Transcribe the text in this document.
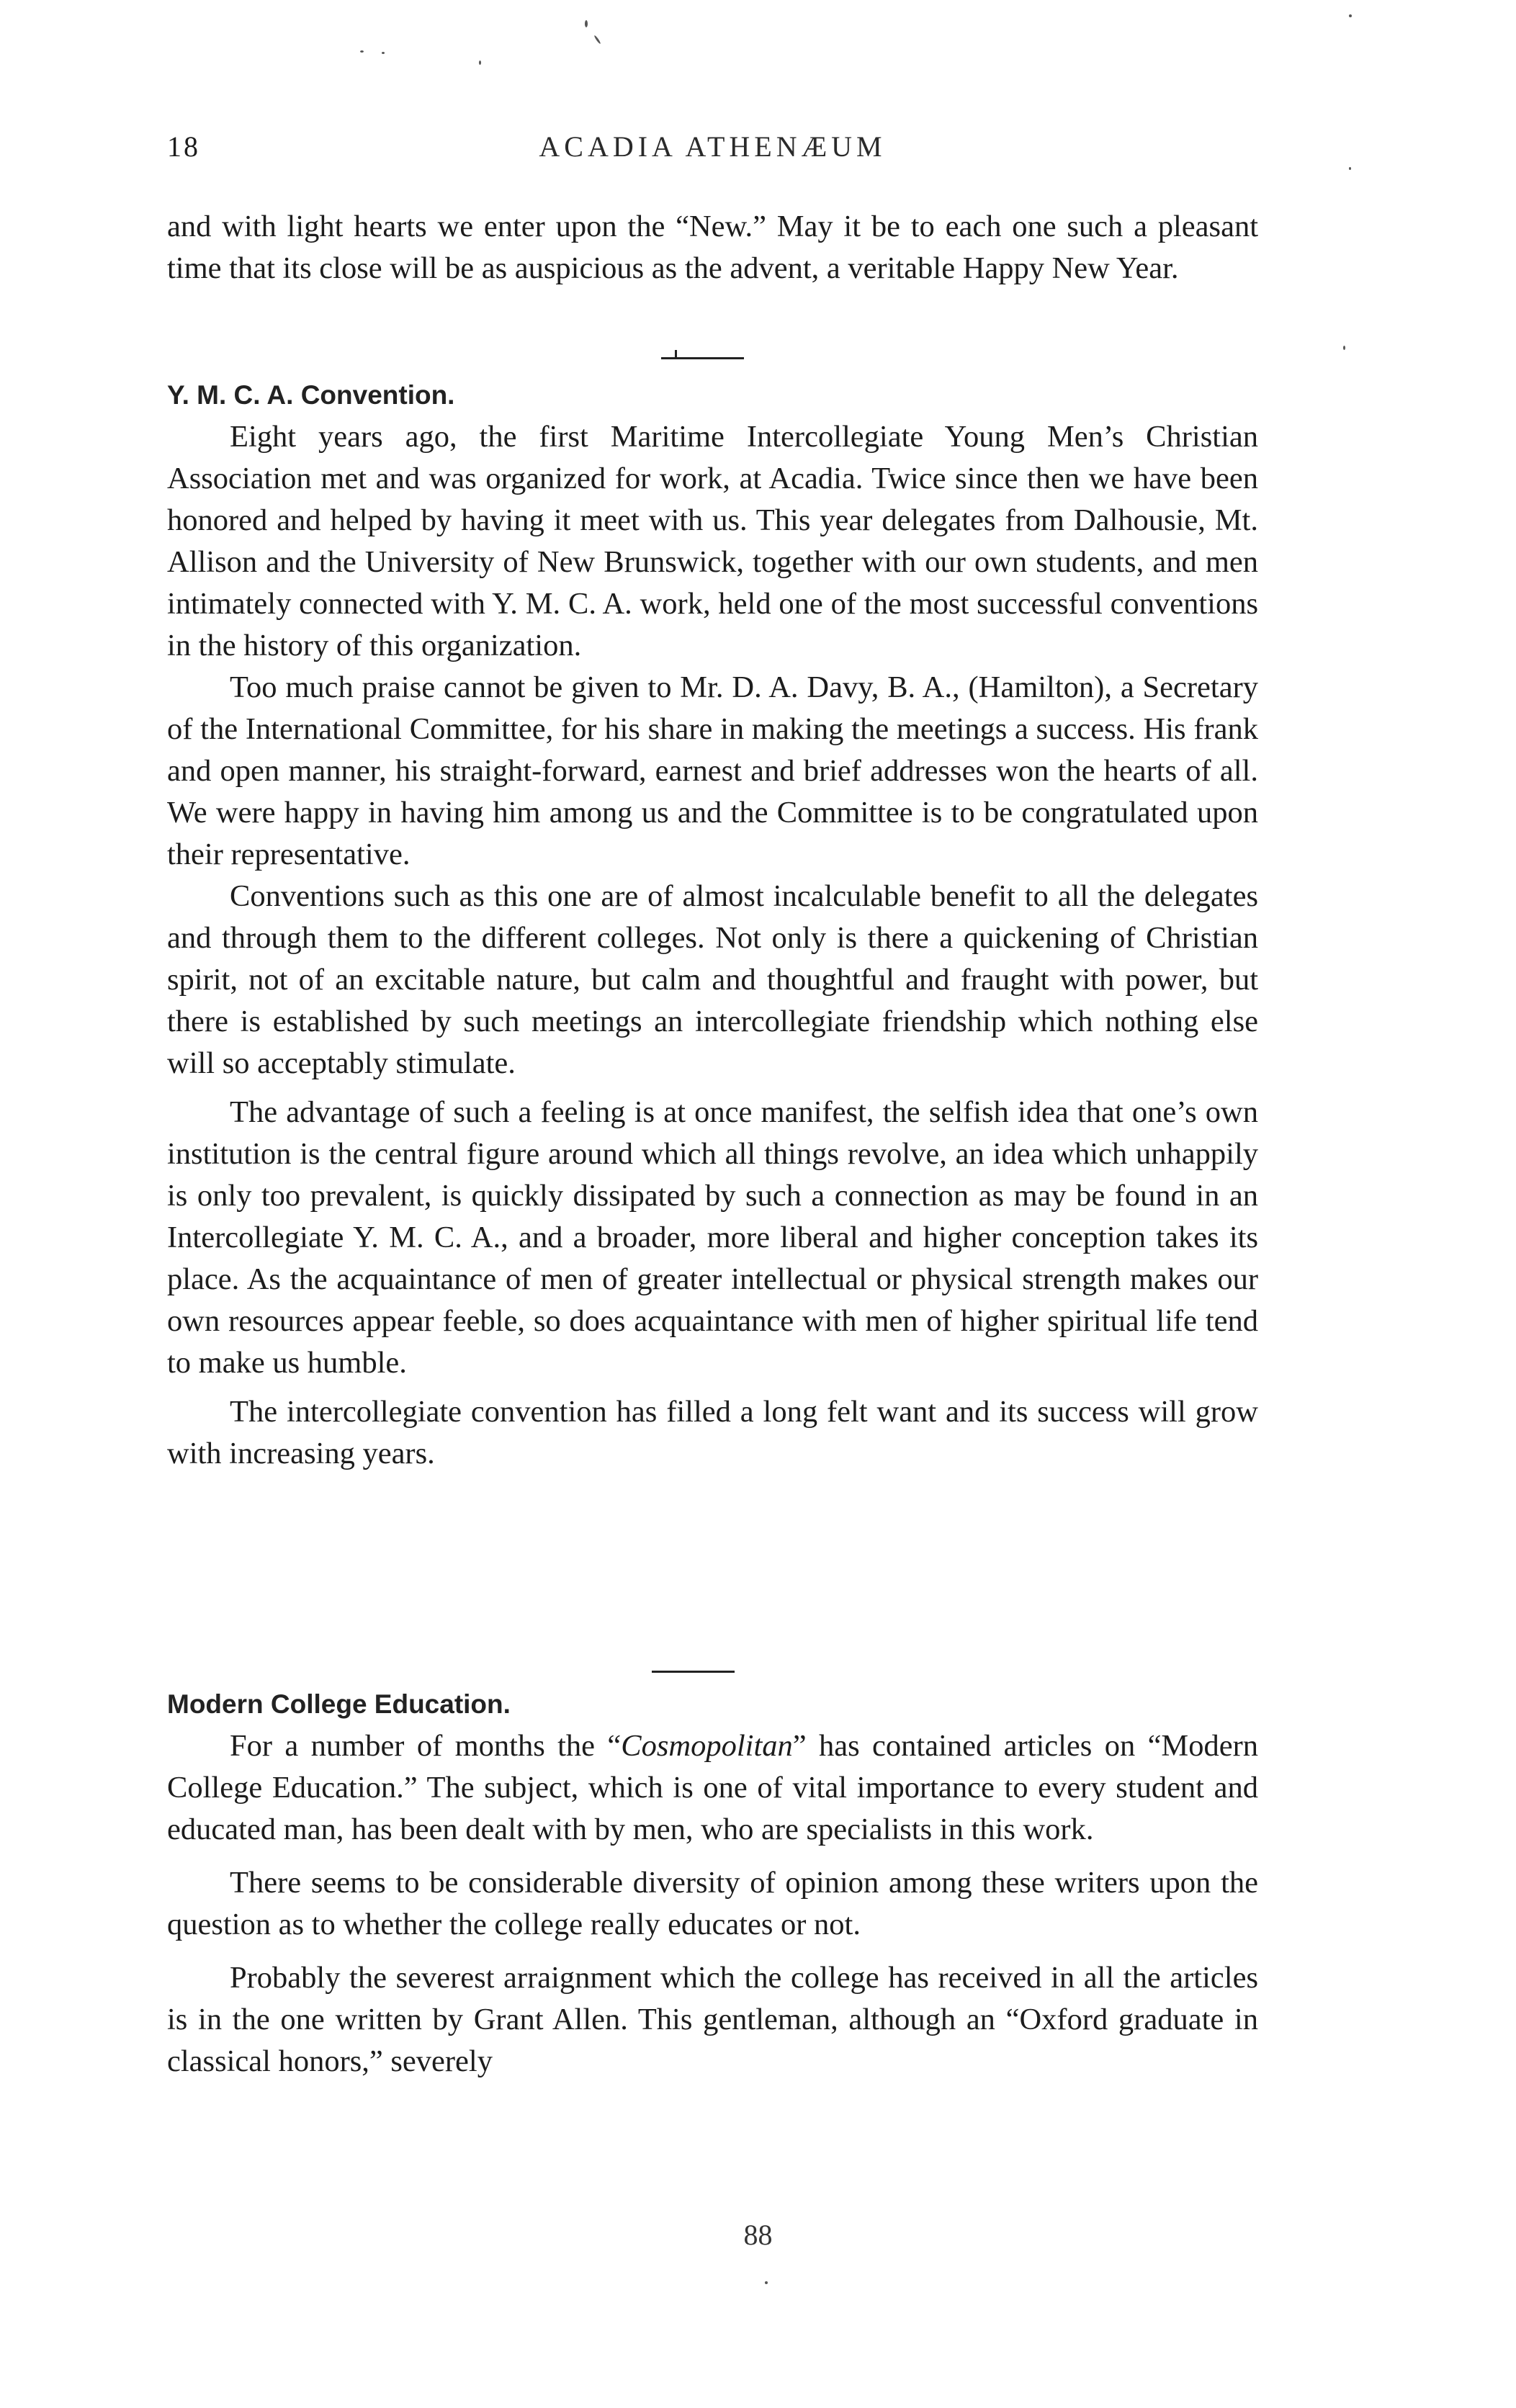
18	ACADIA ATHENÆUM

and with light hearts we enter upon the “New.” May it be to each one such a pleasant time that its close will be as auspicious as the advent, a veritable Happy New Year.

Y. M. C. A. Convention.

Eight years ago, the first Maritime Intercollegiate Young Men’s Christian Association met and was organized for work, at Acadia. Twice since then we have been honored and helped by having it meet with us. This year delegates from Dalhousie, Mt. Allison and the University of New Brunswick, together with our own students, and men intimately connected with Y. M. C. A. work, held one of the most successful conventions in the history of this organization.

Too much praise cannot be given to Mr. D. A. Davy, B. A., (Hamilton), a Secretary of the International Committee, for his share in making the meetings a success. His frank and open manner, his straight-forward, earnest and brief addresses won the hearts of all. We were happy in having him among us and the Committee is to be congratulated upon their representative.

Conventions such as this one are of almost incalculable benefit to all the delegates and through them to the different colleges. Not only is there a quickening of Christian spirit, not of an excitable nature, but calm and thoughtful and fraught with power, but there is established by such meetings an intercollegiate friendship which nothing else will so acceptably stimulate.

The advantage of such a feeling is at once manifest, the selfish idea that one’s own institution is the central figure around which all things revolve, an idea which unhappily is only too prevalent, is quickly dissipated by such a connection as may be found in an Intercollegiate Y. M. C. A., and a broader, more liberal and higher conception takes its place. As the acquaintance of men of greater intellectual or physical strength makes our own resources appear feeble, so does acquaintance with men of higher spiritual life tend to make us humble.

The intercollegiate convention has filled a long felt want and its success will grow with increasing years.

Modern College Education.

For a number of months the “Cosmopolitan” has contained articles on “Modern College Education.” The subject, which is one of vital importance to every student and educated man, has been dealt with by men, who are specialists in this work.

There seems to be considerable diversity of opinion among these writers upon the question as to whether the college really educates or not.

Probably the severest arraignment which the college has received in all the articles is in the one written by Grant Allen. This gentleman, although an “Oxford graduate in classical honors,” severely

88
